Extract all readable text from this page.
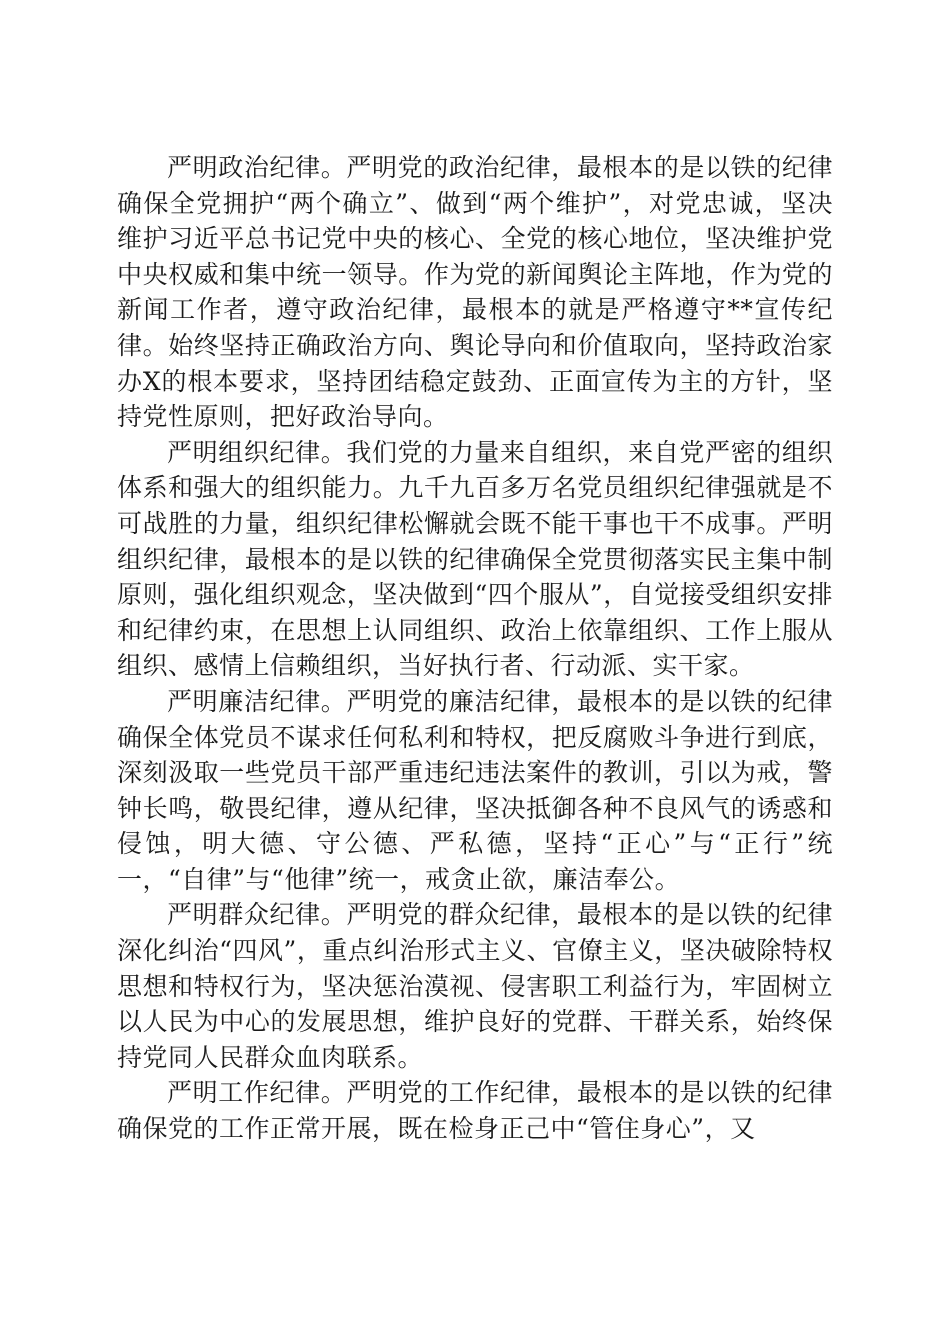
严明政治纪律。严明党的政治纪律，最根本的是以铁的纪律确保全党拥护“两个确立”、做到“两个维护”，对党忠诚，坚决维护习近平总书记党中央的核心、全党的核心地位，坚决维护党中央权威和集中统一领导。作为党的新闻舆论主阵地，作为党的新闻工作者，遵守政治纪律，最根本的就是严格遵守**宣传纪律。始终坚持正确政治方向、舆论导向和价值取向，坚持政治家办X的根本要求，坚持团结稳定鼓劲、正面宣传为主的方针，坚持党性原则，把好政治导向。

严明组织纪律。我们党的力量来自组织，来自党严密的组织体系和强大的组织能力。九千九百多万名党员组织纪律强就是不可战胜的力量，组织纪律松懈就会既不能干事也干不成事。严明组织纪律，最根本的是以铁的纪律确保全党贯彻落实民主集中制原则，强化组织观念，坚决做到“四个服从”，自觉接受组织安排和纪律约束，在思想上认同组织、政治上依靠组织、工作上服从组织、感情上信赖组织，当好执行者、行动派、实干家。

严明廉洁纪律。严明党的廉洁纪律，最根本的是以铁的纪律确保全体党员不谋求任何私利和特权，把反腐败斗争进行到底，深刻汲取一些党员干部严重违纪违法案件的教训，引以为戒，警钟长鸣，敬畏纪律，遵从纪律，坚决抵御各种不良风气的诱惑和侵蚀，明大德、守公德、严私德，坚持“正心”与“正行”统一，“自律”与“他律”统一，戒贪止欲，廉洁奉公。

严明群众纪律。严明党的群众纪律，最根本的是以铁的纪律深化纠治“四风”，重点纠治形式主义、官僚主义，坚决破除特权思想和特权行为，坚决惩治漠视、侵害职工利益行为，牢固树立以人民为中心的发展思想，维护良好的党群、干群关系，始终保持党同人民群众血肉联系。

严明工作纪律。严明党的工作纪律，最根本的是以铁的纪律确保党的工作正常开展，既在检身正己中“管住身心”，又
